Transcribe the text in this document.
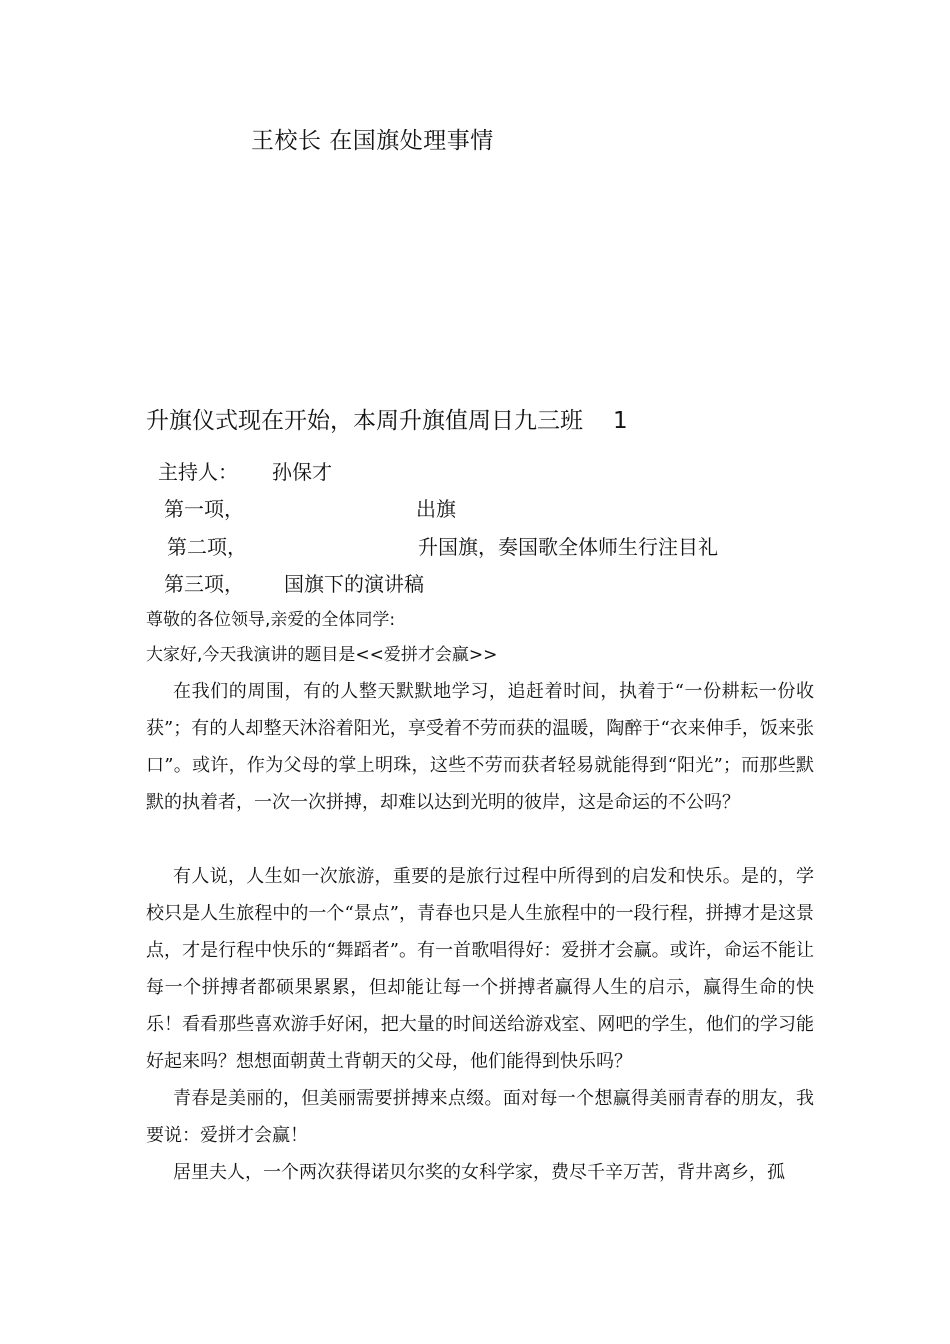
王校长 在国旗处理事情
升旗仪式现在开始，本周升旗值周日九三班 1
主持人： 孙保才
第一项，	出旗
第二项，	升国旗，奏国歌全体师生行注目礼
第三项， 国旗下的演讲稿
尊敬的各位领导,亲爱的全体同学:
大家好,今天我演讲的题目是<<爱拼才会赢>>

在我们的周围，有的人整天默默地学习，追赶着时间，执着于“一份耕耘一份收获”；有的人却整天沐浴着阳光，享受着不劳而获的温暖，陶醉于“衣来伸手，饭来张口”。或许，作为父母的掌上明珠，这些不劳而获者轻易就能得到“阳光”；而那些默默的执着者，一次一次拼搏，却难以达到光明的彼岸，这是命运的不公吗？

有人说，人生如一次旅游，重要的是旅行过程中所得到的启发和快乐。是的，学校只是人生旅程中的一个“景点”，青春也只是人生旅程中的一段行程，拼搏才是这景点，才是行程中快乐的“舞蹈者”。有一首歌唱得好：爱拼才会赢。或许，命运不能让每一个拼搏者都硕果累累，但却能让每一个拼搏者赢得人生的启示，赢得生命的快乐！看看那些喜欢游手好闲，把大量的时间送给游戏室、网吧的学生，他们的学习能好起来吗？想想面朝黄土背朝天的父母，他们能得到快乐吗？

青春是美丽的，但美丽需要拼搏来点缀。面对每一个想赢得美丽青春的朋友，我要说：爱拼才会赢！

居里夫人，一个两次获得诺贝尔奖的女科学家，费尽千辛万苦，背井离乡，孤
